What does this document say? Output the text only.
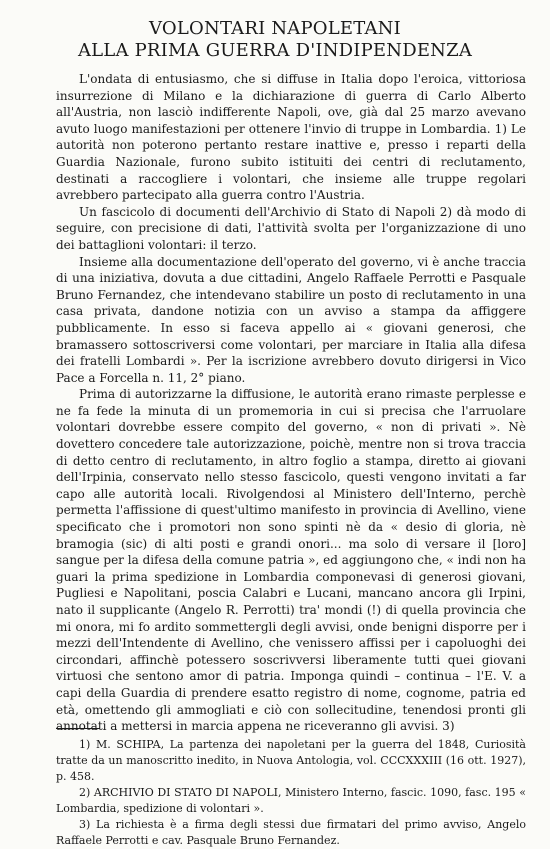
VOLONTARI NAPOLETANI
ALLA PRIMA GUERRA D'INDIPENDENZA

L'ondata di entusiasmo, che si diffuse in Italia dopo l'eroica, vittoriosa insurrezione di Milano e la dichiarazione di guerra di Carlo Alberto all'Austria, non lasciò indifferente Napoli, ove, già dal 25 marzo avevano avuto luogo manifestazioni per ottenere l'invio di truppe in Lombardia. 1) Le autorità non poterono pertanto restare inattive e, presso i reparti della Guardia Nazionale, furono subito istituiti dei centri di reclutamento, destinati a raccogliere i volontari, che insieme alle truppe regolari avrebbero partecipato alla guerra contro l'Austria.

Un fascicolo di documenti dell'Archivio di Stato di Napoli 2) dà modo di seguire, con precisione di dati, l'attività svolta per l'organizzazione di uno dei battaglioni volontari: il terzo.

Insieme alla documentazione dell'operato del governo, vi è anche traccia di una iniziativa, dovuta a due cittadini, Angelo Raffaele Perrotti e Pasquale Bruno Fernandez, che intendevano stabilire un posto di reclutamento in una casa privata, dandone notizia con un avviso a stampa da affiggere pubblicamente. In esso si faceva appello ai « giovani generosi, che bramassero sottoscriversi come volontari, per marciare in Italia alla difesa dei fratelli Lombardi ». Per la iscrizione avrebbero dovuto dirigersi in Vico Pace a Forcella n. 11, 2° piano.

Prima di autorizzarne la diffusione, le autorità erano rimaste perplesse e ne fa fede la minuta di un promemoria in cui si precisa che l'arruolare volontari dovrebbe essere compito del governo, « non di privati ». Nè dovettero concedere tale autorizzazione, poichè, mentre non si trova traccia di detto centro di reclutamento, in altro foglio a stampa, diretto ai giovani dell'Irpinia, conservato nello stesso fascicolo, questi vengono invitati a far capo alle autorità locali. Rivolgendosi al Ministero dell'Interno, perchè permetta l'affissione di quest'ultimo manifesto in provincia di Avellino, viene specificato che i promotori non sono spinti nè da « desio di gloria, nè bramogia (sic) di alti posti e grandi onori... ma solo di versare il [loro] sangue per la difesa della comune patria », ed aggiungono che, « indi non ha guari la prima spedizione in Lombardia componevasi di generosi giovani, Pugliesi e Napolitani, poscia Calabri e Lucani, mancano ancora gli Irpini, nato il supplicante (Angelo R. Perrotti) tra' mondi (!) di quella provincia che mi onora, mi fo ardito sommettergli degli avvisi, onde benigni disporre per i mezzi dell'Intendente di Avellino, che venissero affissi per i capoluoghi dei circondari, affinchè potessero soscrivversi liberamente tutti quei giovani virtuosi che sentono amor di patria. Imponga quindi – continua – l'E. V. a capi della Guardia di prendere esatto registro di nome, cognome, patria ed età, omettendo gli ammogliati e ciò con sollecitudine, tenendosi pronti gli annotati a mettersi in marcia appena ne riceveranno gli avvisi. 3)

1) M. SCHIPA, La partenza dei napoletani per la guerra del 1848, Curiosità tratte da un manoscritto inedito, in Nuova Antologia, vol. CCCXXXIII (16 ott. 1927), p. 458.

2) ARCHIVIO DI STATO DI NAPOLI, Ministero Interno, fascic. 1090, fasc. 195 « Lombardia, spedizione di volontari ».

3) La richiesta è a firma degli stessi due firmatari del primo avviso, Angelo Raffaele Perrotti e cav. Pasquale Bruno Fernandez.
